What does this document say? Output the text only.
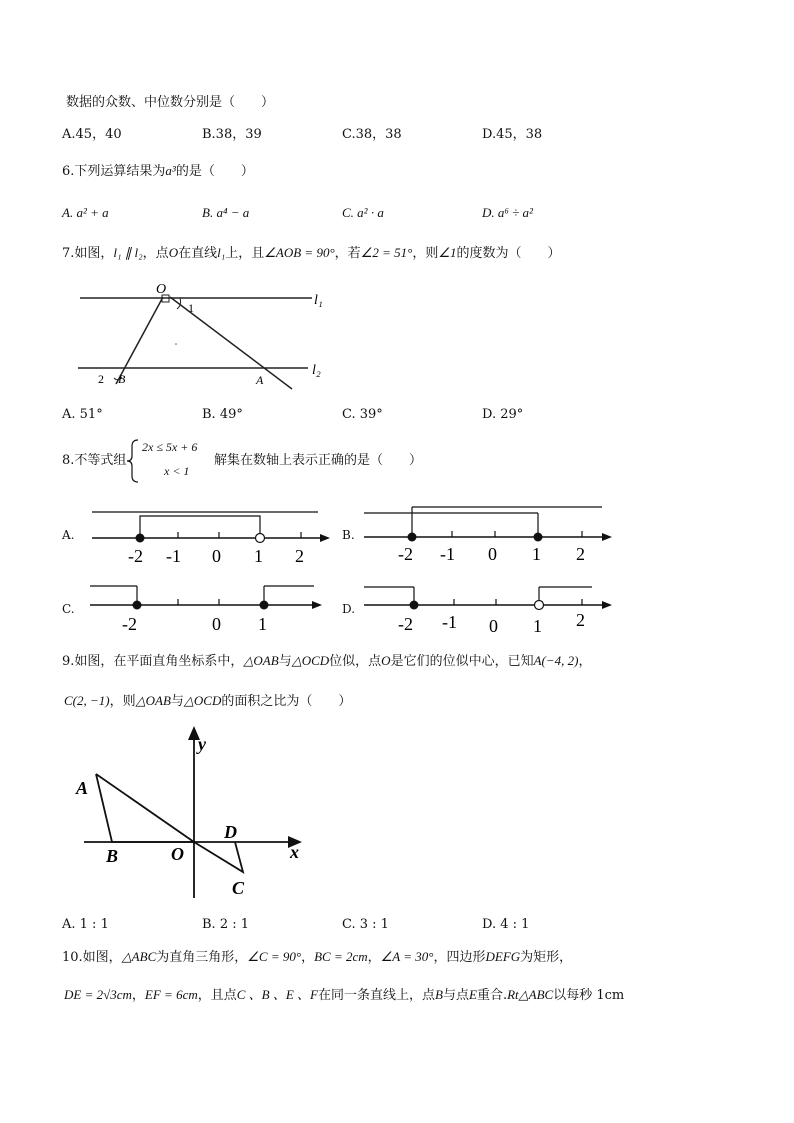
数据的众数、中位数分别是（　　）
A.45，40	B.38，39	C.38，38	D.45，38
6.下列运算结果为a³的是（　　）
A. a² + a	B. a⁴ − a	C. a² · a	D. a⁶ ÷ a²
7.如图，l₁ ∥ l₂，点O在直线l₁上，且∠AOB = 90°，若∠2 = 51°，则∠1的度数为（　　）
O
1	l₁
l₂
2 B	A
A. 51°	B. 49°	C. 39°	D. 29°
8.不等式组
2x ≤ 5x + 6
x < 1
解集在数轴上表示正确的是（　　）
A.
-2 -1 0 1 2
B.
-2 -1 0 1 2
C.
-2	0 1
D.
-2 -1 0 1 2
9.如图，在平面直角坐标系中，△OAB与△OCD位似，点O是它们的位似中心，已知A(−4, 2)，
C(2, −1)，则△OAB与△OCD的面积之比为（　　）
y
x
A
B	O
D
C
A. 1 : 1	B. 2 : 1	C. 3 : 1	D. 4 : 1
10.如图，△ABC为直角三角形，∠C = 90°，BC = 2cm，∠A = 30°，四边形DEFG为矩形，
DE = 2√3cm，EF = 6cm，且点C 、B 、E 、F在同一条直线上，点B与点E重合.Rt△ABC以每秒 1cm
